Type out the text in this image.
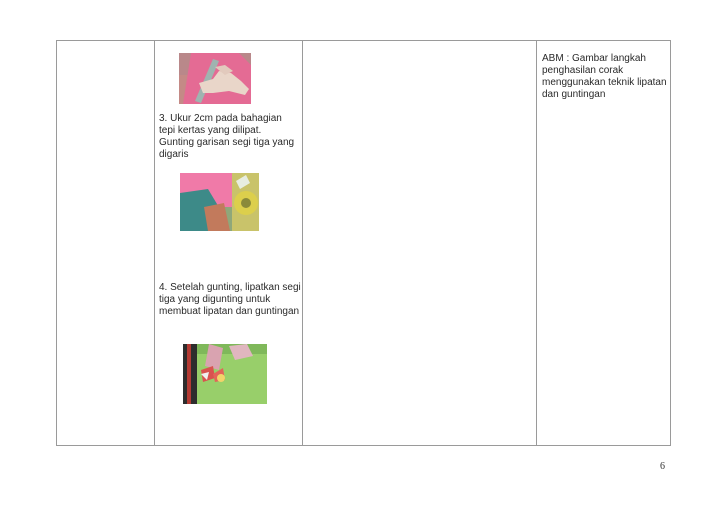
3. Ukur 2cm pada bahagian tepi kertas yang dilipat. Gunting garisan segi tiga yang digaris

4. Setelah gunting, lipatkan segi tiga yang digunting untuk membuat lipatan dan guntingan

ABM : Gambar langkah penghasilan corak menggunakan teknik lipatan dan guntingan

6
